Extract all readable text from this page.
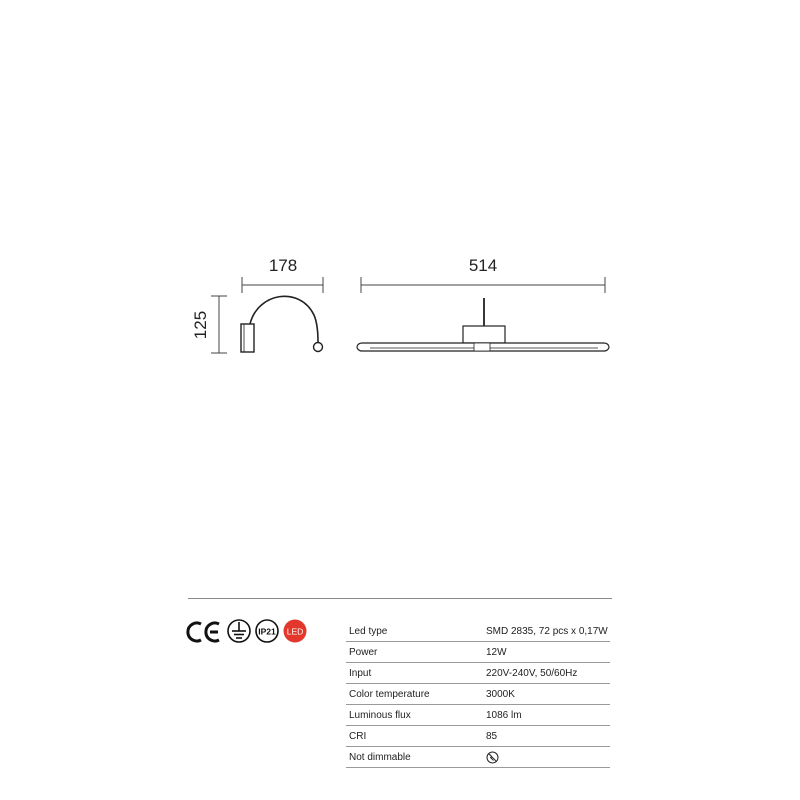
178
125
514
IP21 LED	Led type	SMD 2835, 72 pcs x 0,17W
Power	12W
Input	220V-240V, 50/60Hz
Color temperature	3000K
Luminous flux	1086 lm
CRI	85
Not dimmable	
